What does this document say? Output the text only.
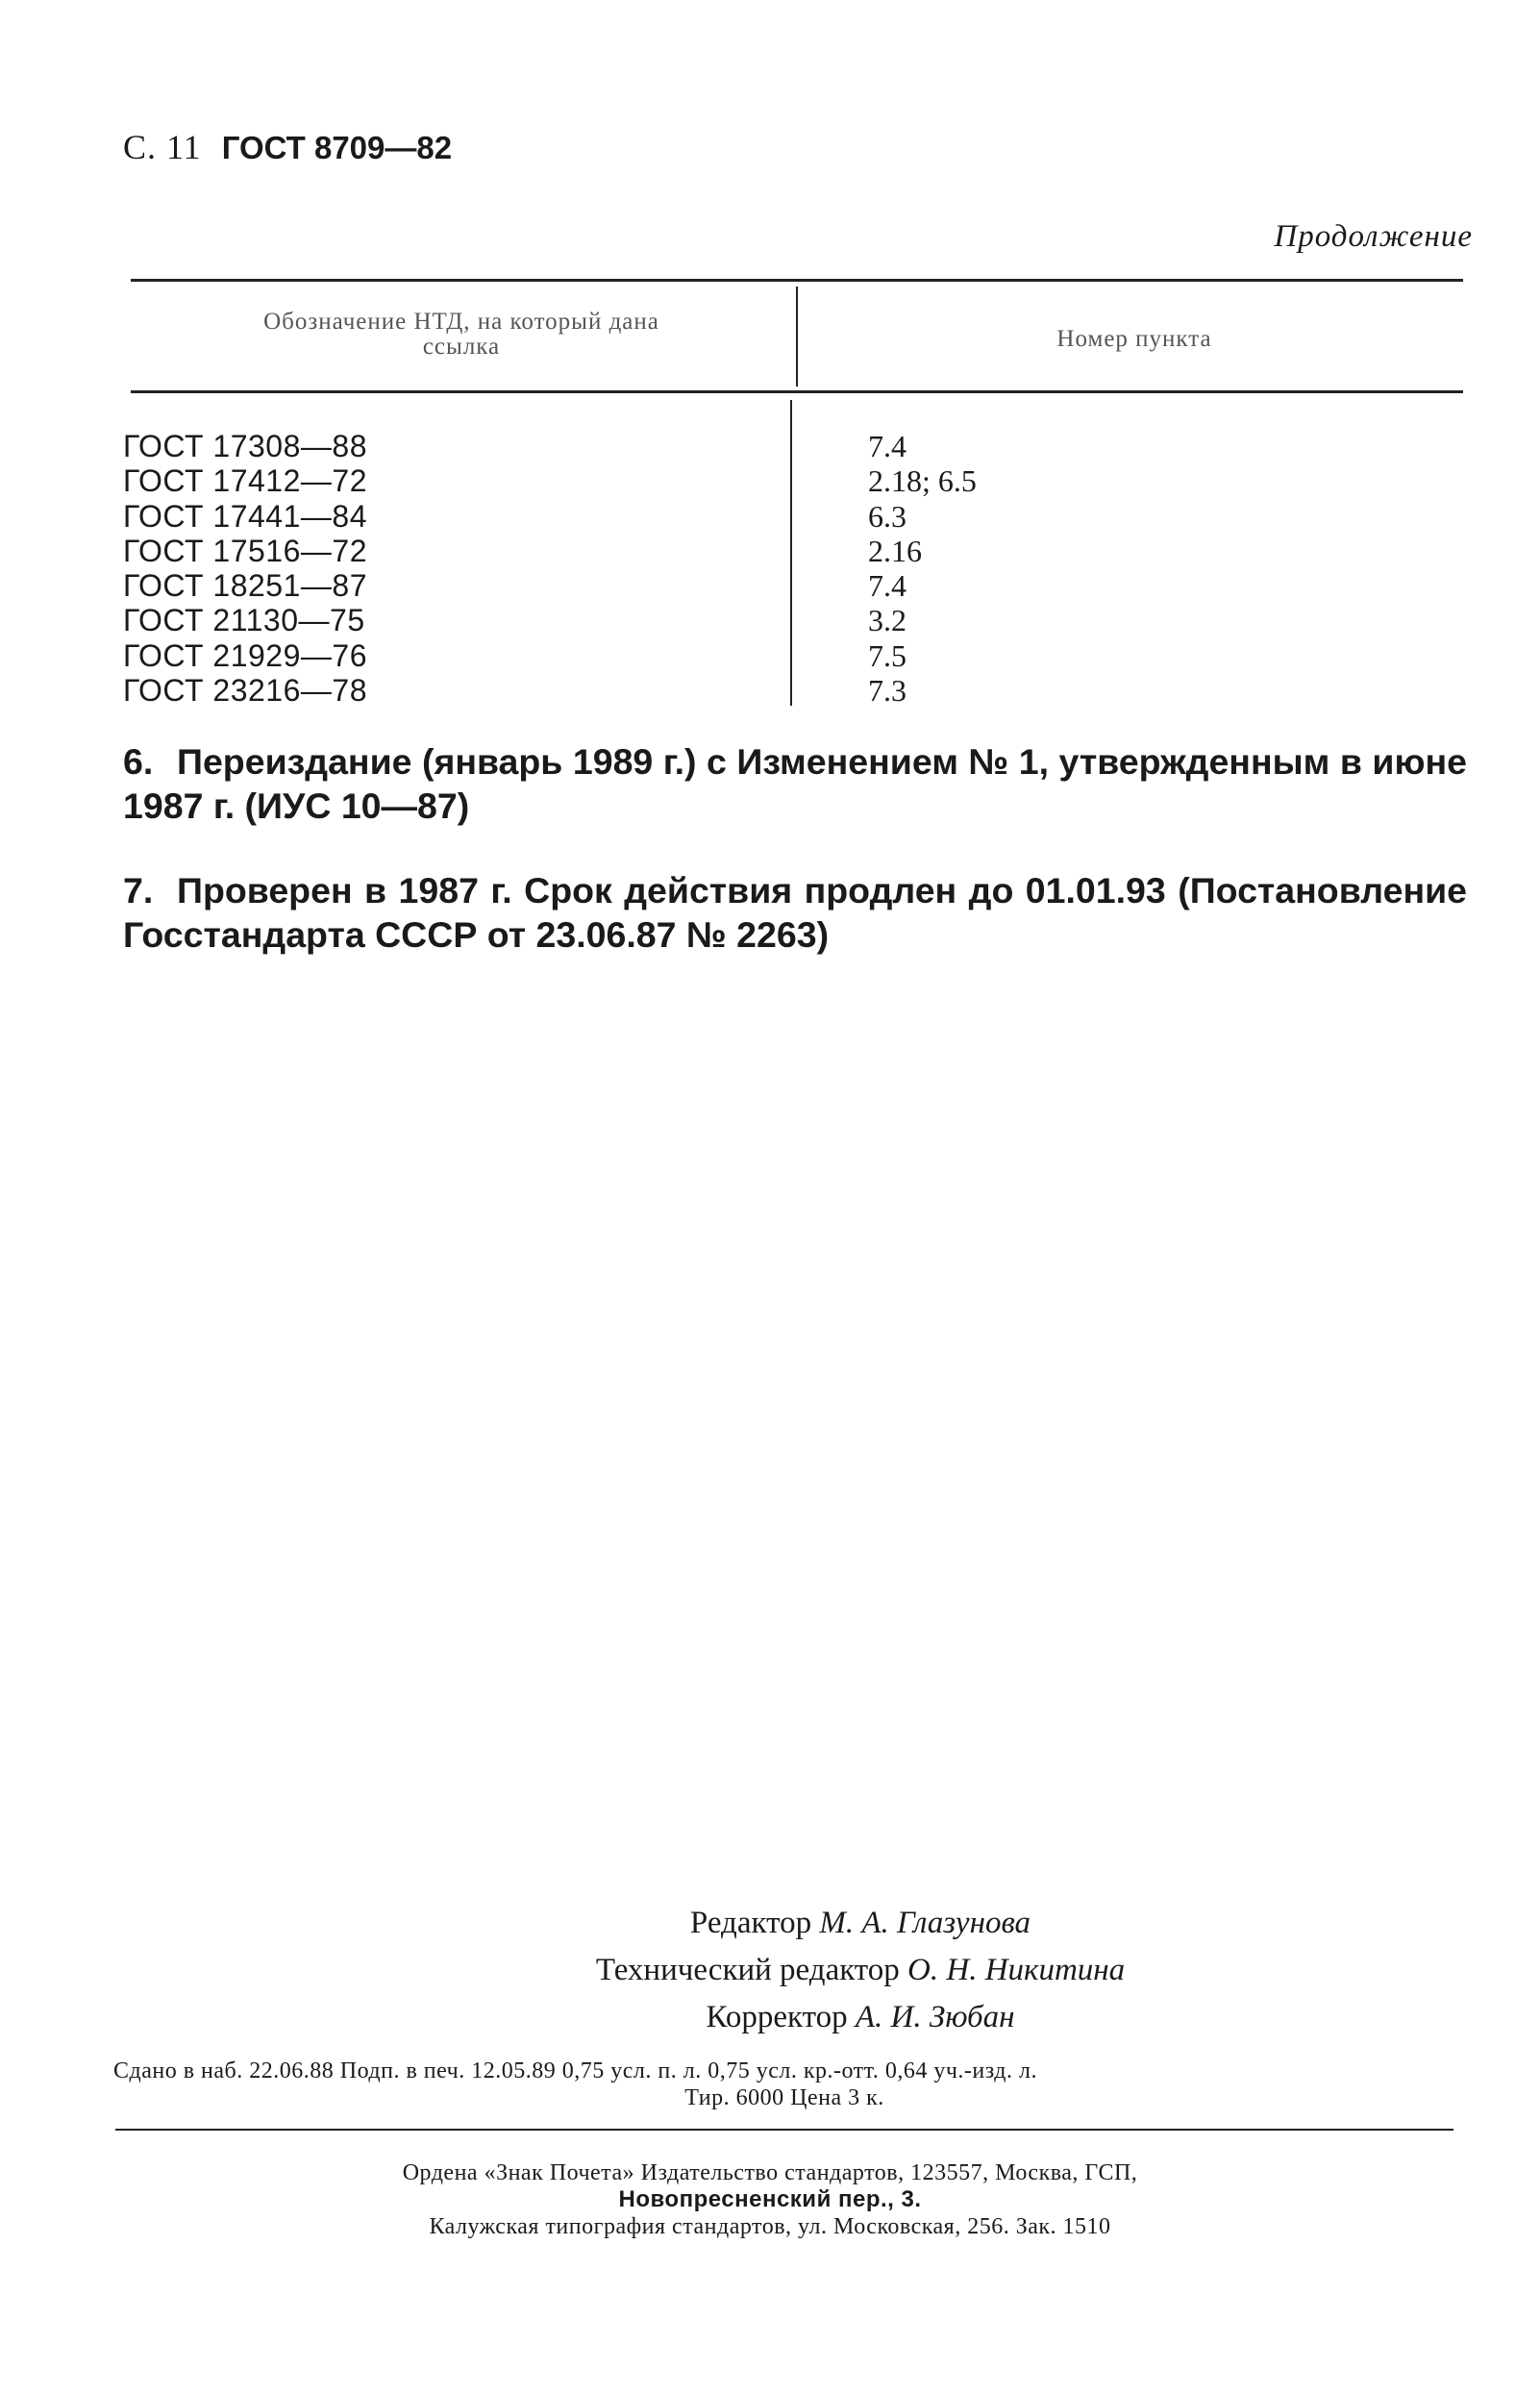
С. 11 ГОСТ 8709—82
Продолжение
Обозначение НТД, на который дана
ссылка	Номер пункта
ГОСТ 17308—88
ГОСТ 17412—72
ГОСТ 17441—84
ГОСТ 17516—72
ГОСТ 18251—87
ГОСТ 21130—75
ГОСТ 21929—76
ГОСТ 23216—78
7.4
2.18; 6.5
6.3
2.16
7.4
3.2
7.5
7.3
6. Переиздание (январь 1989 г.) с Изменением № 1, утвержденным в июне 1987 г. (ИУС 10—87)
7. Проверен в 1987 г. Срок действия продлен до 01.01.93 (Постановление Госстандарта СССР от 23.06.87 № 2263)
Редактор М. А. Глазунова
Технический редактор О. Н. Никитина
Корректор А. И. Зюбан
Сдано в наб. 22.06.88 Подп. в печ. 12.05.89 0,75 усл. п. л. 0,75 усл. кр.-отт. 0,64 уч.-изд. л.
Тир. 6000 Цена 3 к.
Ордена «Знак Почета» Издательство стандартов, 123557, Москва, ГСП,
Новопресненский пер., 3.
Калужская типография стандартов, ул. Московская, 256. Зак. 1510
